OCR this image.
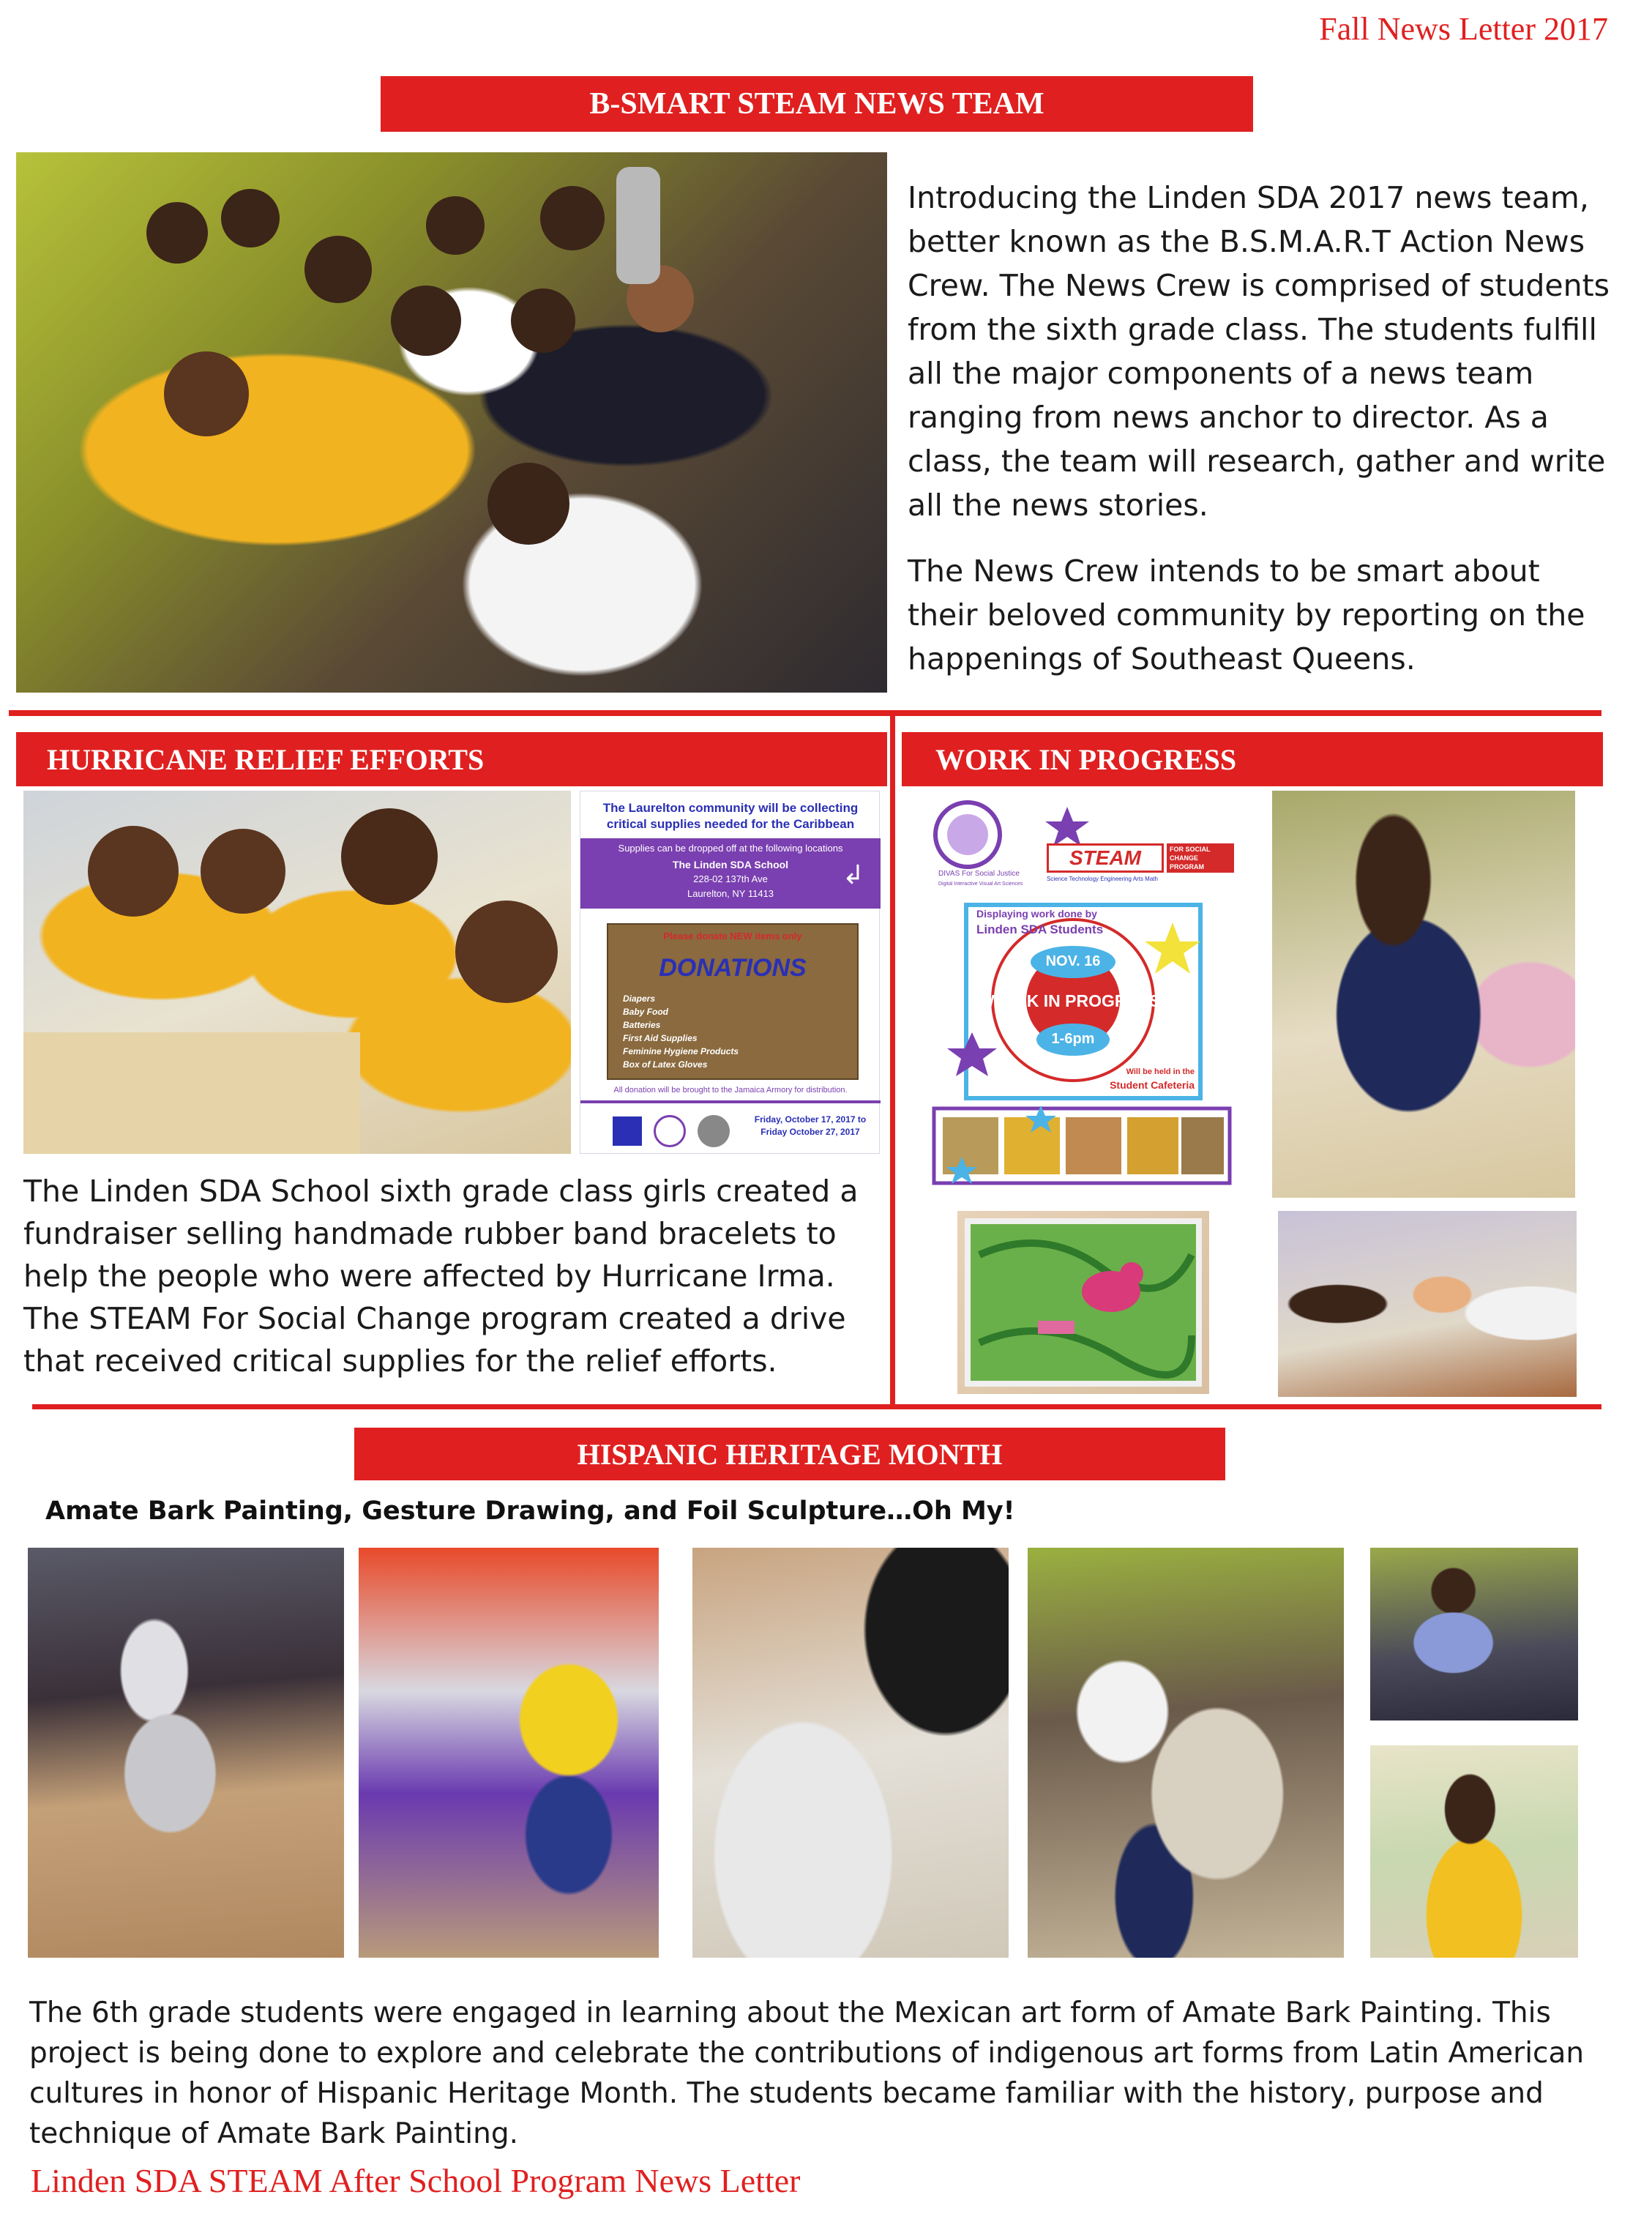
Fall News Letter 2017
B-SMART STEAM NEWS TEAM

Introducing the Linden SDA 2017 news team, better known as the B.S.M.A.R.T Action News Crew. The News Crew is comprised of students from the sixth grade class. The students fulfill all the major components of a news team ranging from news anchor to director. As a class, the team will research, gather and write all the news stories.

The News Crew intends to be smart about their beloved community by reporting on the happenings of Southeast Queens.

HURRICANE RELIEF EFFORTS
The Laurelton community will be collecting critical supplies needed for the Caribbean
Supplies can be dropped off at the following locations
The Linden SDA School
228-02 137th Ave
Laurelton, NY 11413
↲
Please donate NEW items only
DONATIONS
Diapers
Baby Food
Batteries
First Aid Supplies
Feminine Hygiene Products
Box of Latex Gloves
All donation will be brought to the Jamaica Armory for distribution.
Friday, October 17, 2017 to Friday October 27, 2017

The Linden SDA School sixth grade class girls created a fundraiser selling handmade rubber band bracelets to help the people who were affected by Hurricane Irma. The STEAM For Social Change program created a drive that received critical supplies for the relief efforts.

WORK IN PROGRESS
DIVAS For Social Justice
Digital Interactive Visual Art Sciences
STEAM	FOR SOCIAL CHANGE PROGRAM
Science Technology Engineering Arts Math
Displaying work done by
Linden SDA Students
NOV. 16
WORK IN PROGRESS
1-6pm
Will be held in the
Student Cafeteria
HISPANIC HERITAGE MONTH
Amate Bark Painting, Gesture Drawing, and Foil Sculpture…Oh My!

The 6th grade students were engaged in learning about the Mexican art form of Amate Bark Painting. This project is being done to explore and celebrate the contributions of indigenous art forms from Latin American cultures in honor of Hispanic Heritage Month. The students became familiar with the history, purpose and technique of Amate Bark Painting.

Linden SDA STEAM After School Program News Letter
